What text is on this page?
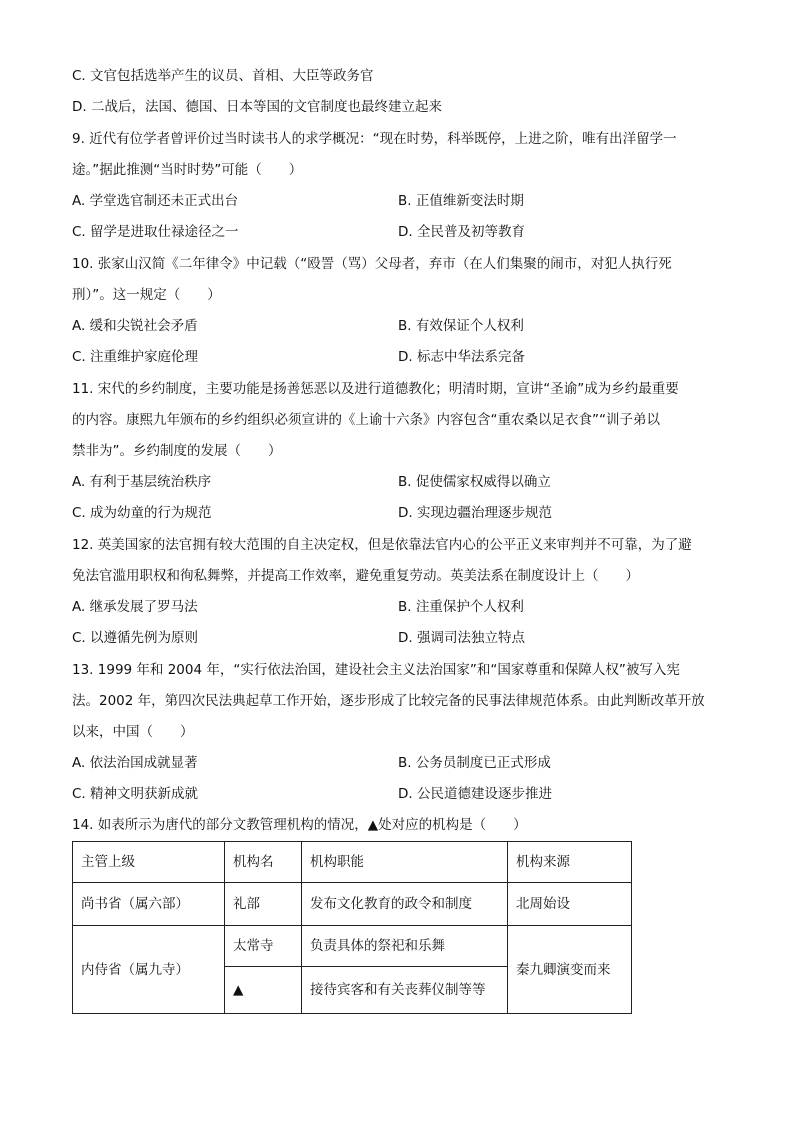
C. 文官包括选举产生的议员、首相、大臣等政务官
D. 二战后，法国、德国、日本等国的文官制度也最终建立起来
9. 近代有位学者曾评价过当时读书人的求学概况：“现在时势，科举既停，上进之阶，唯有出洋留学一
途。”据此推测“当时时势”可能（　　）
A. 学堂选官制还未正式出台	B. 正值维新变法时期
C. 留学是进取仕禄途径之一	D. 全民普及初等教育
10. 张家山汉简《二年律令》中记载（“殴詈（骂）父母者，弃市（在人们集聚的闹市，对犯人执行死
刑）”。这一规定（　　）
A. 缓和尖锐社会矛盾	B. 有效保证个人权利
C. 注重维护家庭伦理	D. 标志中华法系完备
11. 宋代的乡约制度，主要功能是扬善惩恶以及进行道德教化；明清时期，宣讲“圣谕”成为乡约最重要
的内容。康熙九年颁布的乡约组织必须宣讲的《上谕十六条》内容包含“重农桑以足衣食”“训子弟以
禁非为”。乡约制度的发展（　　）
A. 有利于基层统治秩序	B. 促使儒家权威得以确立
C. 成为幼童的行为规范	D. 实现边疆治理逐步规范
12. 英美国家的法官拥有较大范围的自主决定权，但是依靠法官内心的公平正义来审判并不可靠，为了避
免法官滥用职权和徇私舞弊，并提高工作效率，避免重复劳动。英美法系在制度设计上（　　）
A. 继承发展了罗马法	B. 注重保护个人权利
C. 以遵循先例为原则	D. 强调司法独立特点
13. 1999 年和 2004 年，“实行依法治国，建设社会主义法治国家”和“国家尊重和保障人权”被写入宪
法。2002 年，第四次民法典起草工作开始，逐步形成了比较完备的民事法律规范体系。由此判断改革开放
以来，中国（　　）
A. 依法治国成就显著	B. 公务员制度已正式形成
C. 精神文明获新成就	D. 公民道德建设逐步推进
14. 如表所示为唐代的部分文教管理机构的情况，▲处对应的机构是（　　）
主管上级	机构名	机构职能	机构来源
尚书省（属六部）	礼部	发布文化教育的政令和制度	北周始设
内侍省（属九寺）	太常寺	负责具体的祭祀和乐舞	秦九卿演变而来
	▲	接待宾客和有关丧葬仪制等等	
